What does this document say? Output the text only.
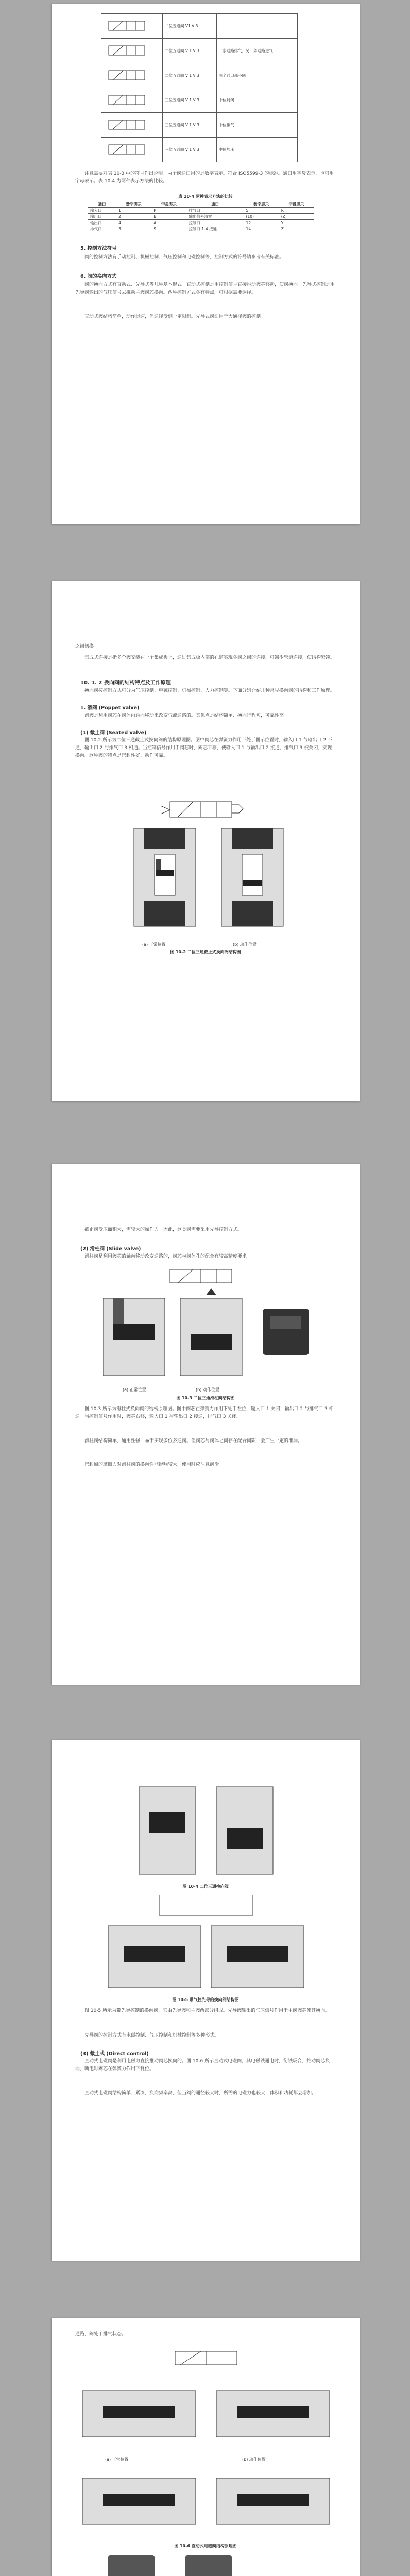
	二位五通阀 V1 V 3	
	二位五通阀 V 1 V 3	一条通路排气，另一条通路进气
	二位五通阀 V 1 V 3	两个通口都不同
	三位五通阀 V 1 V 3	中位封闭
	三位五通阀 V 1 V 3	中位排气
	三位五通阀 V 1 V 3	中位加压
注意需要对表 10-3 中的符号作出说明。两个阀通口用的是数字表示。符合 ISO5599-3 的标准。通口用字母表示，也可用字母表示。表 10-4 为两种表示方法的比较。
表 10-4 两种表示方法的比较
通口	数字表示	字母表示	通口	数字表示	字母表示
输入口	1	P	排气口	5	R
输出口	2	B	输出信号清零	(10)	(Z)
输出口	4	A	控制口	12	Y
排气口	3	S	控制口 1-4 接通	14	Z
5. 控制方法符号
阀的控制方法有手动控制、机械控制、气压控制和电磁控制等，控制方式的符号请参考有关标准。
6. 阀的换向方式
阀的换向方式有直动式、先导式等几种基本形式。直动式控制是用控制信号直接推动阀芯移动，使阀换向。先导式控制是用先导阀输出的气压信号去推动主阀阀芯换向。两种控制方式各有特点，可根据需要选择。
直动式阀结构简单，动作迅速，但通径受到一定限制。先导式阀适用于大通径阀的控制。
之间切换。
集成式连接是指多个阀安装在一个集成板上，通过集成板内部的孔道实现各阀之间的连接，可减少管道连接，使结构紧凑。
10. 1. 2 换向阀的结构特点及工作原理
换向阀按控制方式可分为气压控制、电磁控制、机械控制、人力控制等。下面分别介绍几种常见换向阀的结构和工作原理。
1. 滑阀 (Poppet valve)
滑阀是利用阀芯在阀体内轴向移动来改变气流通路的。其优点是结构简单、换向行程短，可靠性高。
(1) 截止阀 (Seated valve)
图 10-2 所示为二位三通截止式换向阀的结构原理图。图中阀芯在弹簧力作用下处于图示位置时，输入口 1 与输出口 2 不通，输出口 2 与排气口 3 相通。当控制信号作用于阀芯时，阀芯下移，使输入口 1 与输出口 2 接通，排气口 3 被关闭，实现换向。这种阀的特点是密封性好、动作可靠。
(a) 正常位置	(b) 动作位置
图 10-2 二位三通截止式换向阀结构图
截止阀受压面积大，需较大的操作力。因此，这类阀需要采用先导控制方式。
(2) 滑柱阀 (Slide valve)
滑柱阀是利用阀芯的轴向移动改变通路的，阀芯与阀体孔的配合有较高精度要求。
(a) 正常位置	(b) 动作位置
图 10-3 二位三通滑柱阀结构图
图 10-3 所示为滑柱式换向阀的结构原理图。图中阀芯在弹簧力作用下处于左位，输入口 1 关闭，输出口 2 与排气口 3 相通。当控制信号作用时，阀芯右移，输入口 1 与输出口 2 接通，排气口 3 关闭。
滑柱阀结构简单，通用性强，易于实现多位多通阀。但阀芯与阀体之间存在配合间隙，会产生一定的泄漏。
密封圈的摩擦力对滑柱阀的换向性能影响较大，使用时应注意润滑。
图 10-4 二位三通换向阀
图 10-5 带气控先导的换向阀结构图
图 10-5 所示为带先导控制的换向阀，它由先导阀和主阀两部分组成。先导阀输出的气压信号作用于主阀阀芯使其换向。
先导阀的控制方式有电磁控制、气压控制和机械控制等多种形式。
(3) 截止式 (Direct control)
直动式电磁阀是利用电磁力直接推动阀芯换向的。图 10-6 所示直动式电磁阀，其电磁铁通电时，衔铁吸合，推动阀芯换向，断电时阀芯在弹簧力作用下复位。
直动式电磁阀结构简单、紧凑，换向频率高，但当阀的通径较大时，所需的电磁力也较大，体积和功耗都会增加。
通路，阀处于排气状态。
(a) 正常位置	(b) 动作位置
图 10-6 直动式电磁阀结构原理图
